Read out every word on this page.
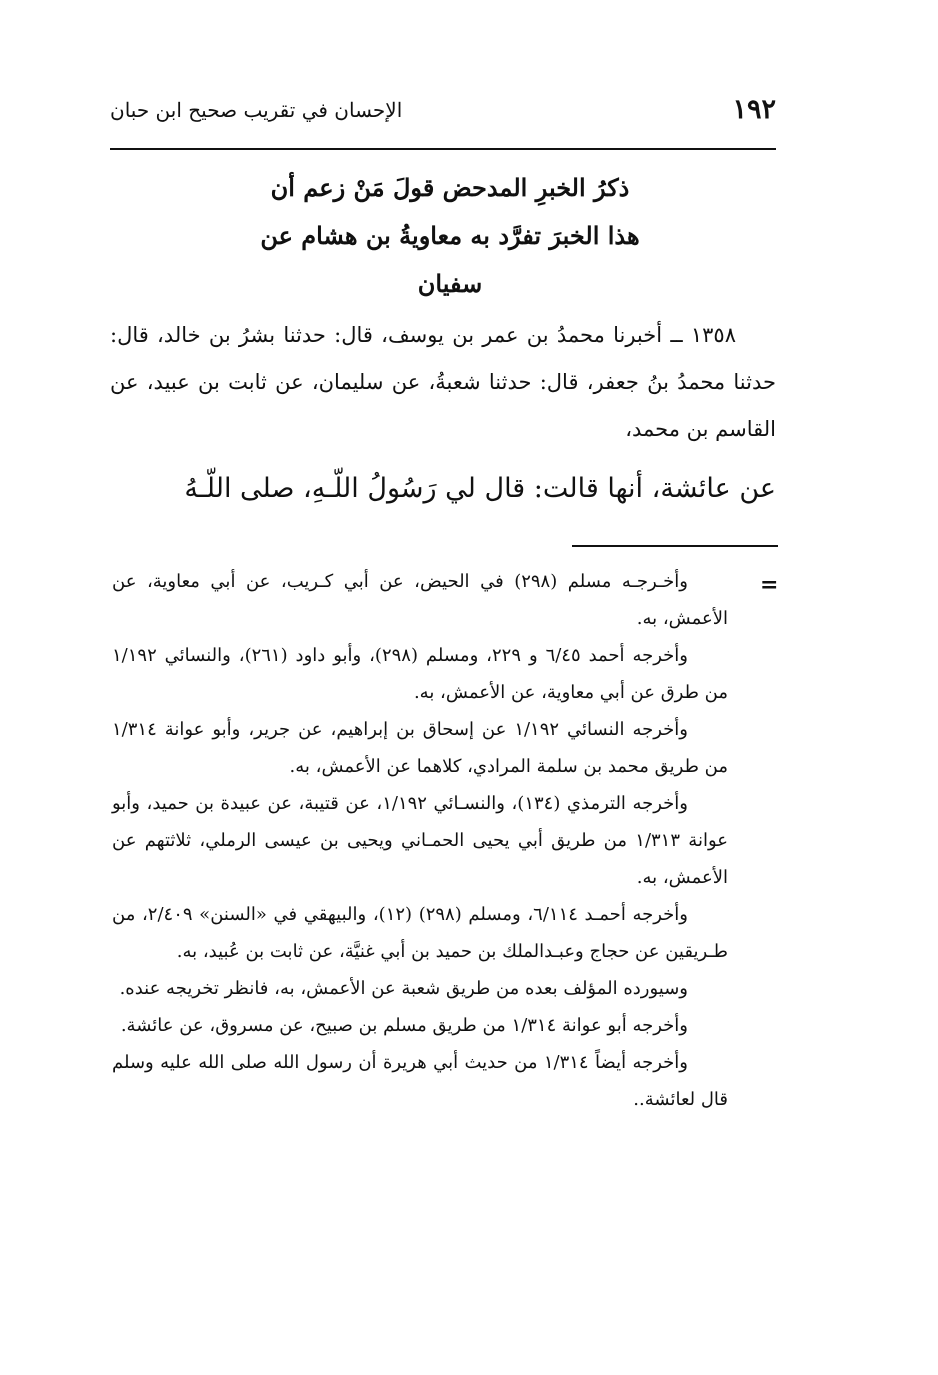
١٩٢
الإحسان في تقريب صحيح ابن حبان
ذكرُ الخبرِ المدحض قولَ مَنْ زعم أن
هذا الخبرَ تفرَّد به معاويةُ بن هشام عن
سفيان

١٣٥٨ ــ أخبرنا محمدُ بن عمر بن يوسف، قال: حدثنا بشرُ بن خالد، قال: حدثنا محمدُ بنُ جعفر، قال: حدثنا شعبةُ، عن سليمان، عن ثابت بن عبيد، عن القاسم بن محمد،

عن عائشة، أنها قالت: قال لي رَسُولُ اللّـهِ، صلى اللّـهُ
=

وأخـرجـه مسلم (٢٩٨) في الحيض، عن أبي كـريب، عن أبي معاوية، عن الأعمش، به.

وأخرجه أحمد ٦/٤٥ و ٢٢٩، ومسلم (٢٩٨)، وأبو داود (٢٦١)، والنسائي ١/١٩٢ من طرق عن أبي معاوية، عن الأعمش، به.

وأخرجه النسائي ١/١٩٢ عن إسحاق بن إبراهيم، عن جرير، وأبو عوانة ١/٣١٤ من طريق محمد بن سلمة المرادي، كلاهما عن الأعمش، به.

وأخرجه الترمذي (١٣٤)، والنسـائي ١/١٩٢، عن قتيبة، عن عبيدة بن حميد، وأبو عوانة ١/٣١٣ من طريق أبي يحيى الحمـاني ويحيى بن عيسى الرملي، ثلاثتهم عن الأعمش، به.

وأخرجه أحمـد ٦/١١٤، ومسلم (٢٩٨) (١٢)، والبيهقي في «السنن» ٢/٤٠٩، من طـريقين عن حجاج وعبـدالملك بن حميد بن أبي غنيَّة، عن ثابت بن عُبيد، به.

وسيورده المؤلف بعده من طريق شعبة عن الأعمش، به، فانظر تخريجه عنده.

وأخرجه أبو عوانة ١/٣١٤ من طريق مسلم بن صبيح، عن مسروق، عن عائشة.

وأخرجه أيضاً ١/٣١٤ من حديث أبي هريرة أن رسول الله صلى الله عليه وسلم قال لعائشة..
